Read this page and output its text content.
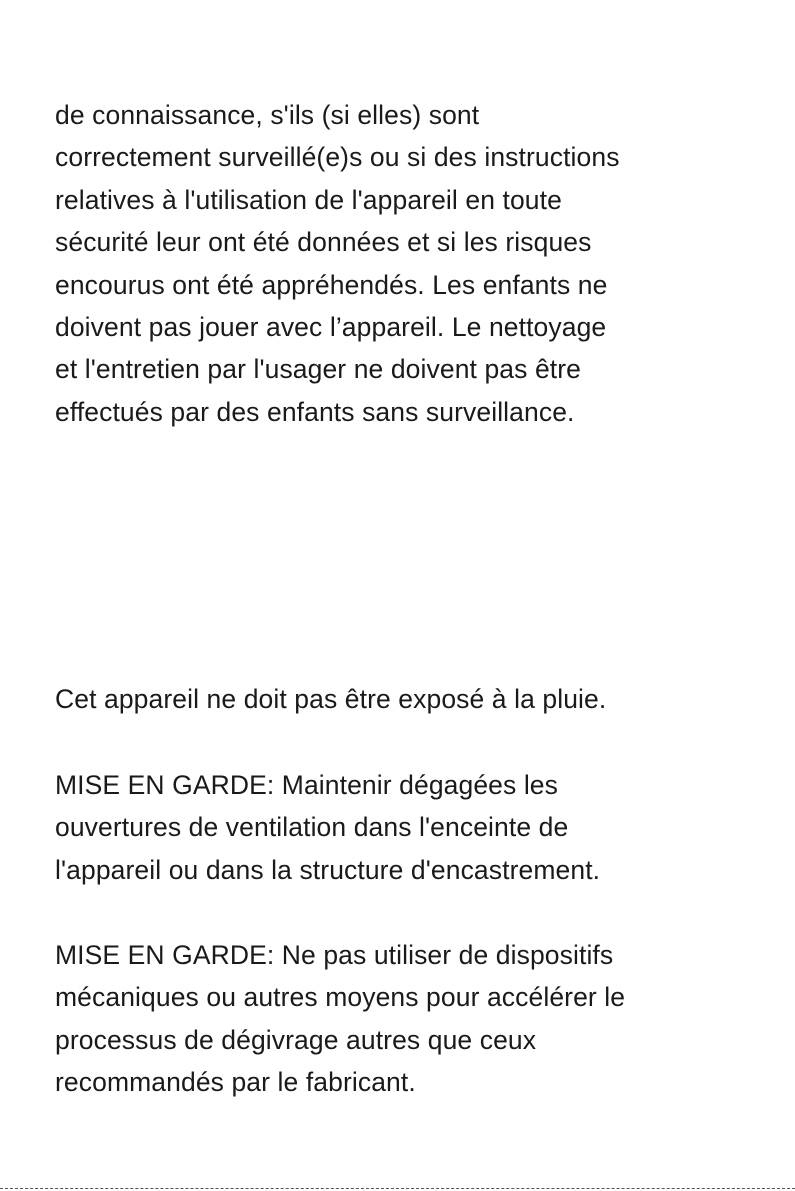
de connaissance, s'ils (si elles) sont
correctement surveillé(e)s ou si des instructions
relatives à l'utilisation de l'appareil en toute
sécurité leur ont été données et si les risques
encourus ont été appréhendés. Les enfants ne
doivent pas jouer avec l’appareil. Le nettoyage
et l'entretien par l'usager ne doivent pas être
effectués par des enfants sans surveillance.

Cet appareil ne doit pas être exposé à la pluie.

MISE EN GARDE: Maintenir dégagées les
ouvertures de ventilation dans l'enceinte de
l'appareil ou dans la structure d'encastrement.

MISE EN GARDE: Ne pas utiliser de dispositifs
mécaniques ou autres moyens pour accélérer le
processus de dégivrage autres que ceux
recommandés par le fabricant.
